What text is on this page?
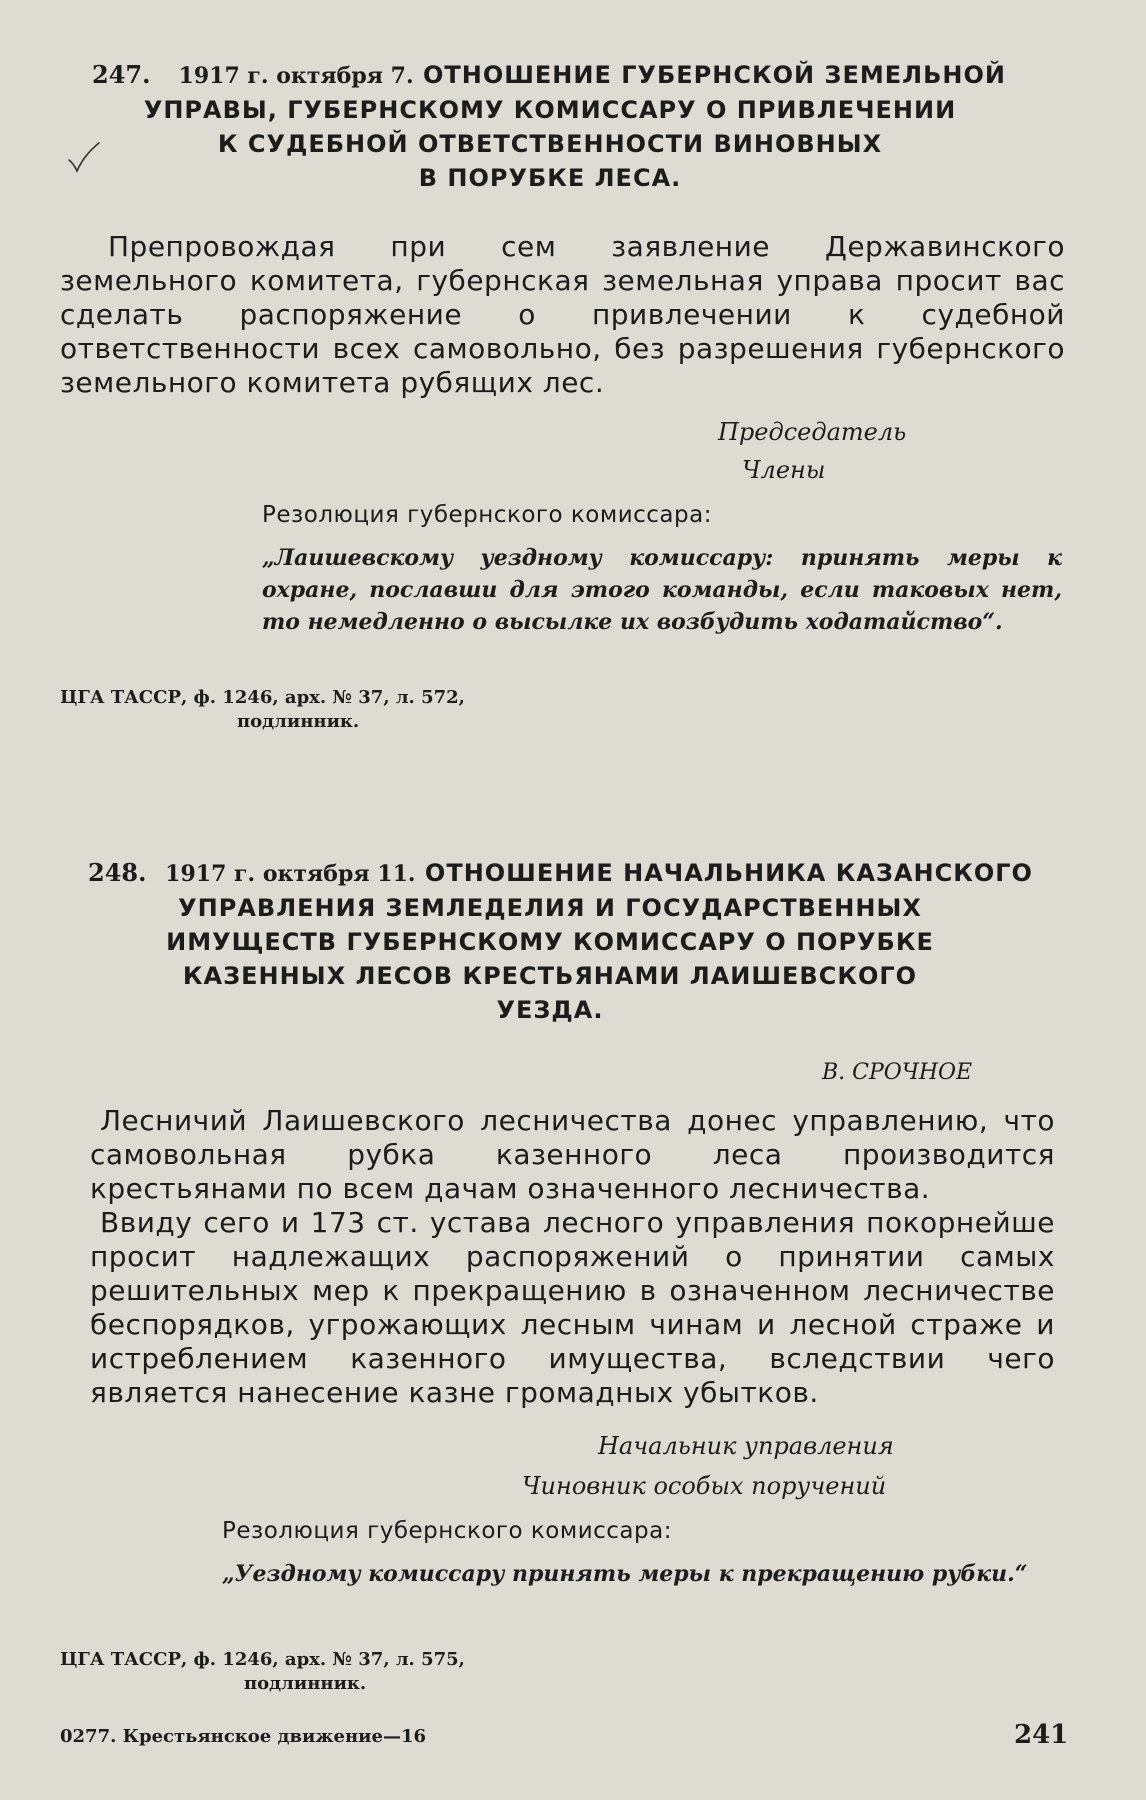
247. 1917 г. октября 7. ОТНОШЕНИЕ ГУБЕРНСКОЙ ЗЕМЕЛЬНОЙ
УПРАВЫ, ГУБЕРНСКОМУ КОМИССАРУ О ПРИВЛЕЧЕНИИ
К СУДЕБНОЙ ОТВЕТСТВЕННОСТИ ВИНОВНЫХ
В ПОРУБКЕ ЛЕСА.

Препровождая при сем заявление Державинского земельного комитета, губернская земельная управа просит вас сделать распоряжение о привлечении к судебной ответственности всех самовольно, без разрешения губернского земельного комитета рубящих лес.

Председатель
Члены
Резолюция губернского комиссара:
„Лаишевскому уездному комиссару: принять меры к охране, пославши для этого команды, если таковых нет, то немедленно о высылке их возбудить ходатайство“.
ЦГА ТАССР, ф. 1246, арх. № 37, л. 572,
подлинник.
248. 1917 г. октября 11. ОТНОШЕНИЕ НАЧАЛЬНИКА КАЗАНСКОГО
УПРАВЛЕНИЯ ЗЕМЛЕДЕЛИЯ И ГОСУДАРСТВЕННЫХ
ИМУЩЕСТВ ГУБЕРНСКОМУ КОМИССАРУ О ПОРУБКЕ
КАЗЕННЫХ ЛЕСОВ КРЕСТЬЯНАМИ ЛАИШЕВСКОГО
УЕЗДА.
В. СРОЧНОЕ

Лесничий Лаишевского лесничества донес управлению, что самовольная рубка казенного леса производится крестьянами по всем дачам означенного лесничества.

Ввиду сего и 173 ст. устава лесного управления покорнейше просит надлежащих распоряжений о принятии самых решительных мер к прекращению в означенном лесничестве беспорядков, угрожающих лесным чинам и лесной страже и истреблением казенного имущества, вследствии чего является нанесение казне громадных убытков.

Начальник управления
Чиновник особых поручений
Резолюция губернского комиссара:
„Уездному комиссару принять меры к прекращению рубки.“
ЦГА ТАССР, ф. 1246, арх. № 37, л. 575,
подлинник.
0277. Крестьянское движение—16	241
